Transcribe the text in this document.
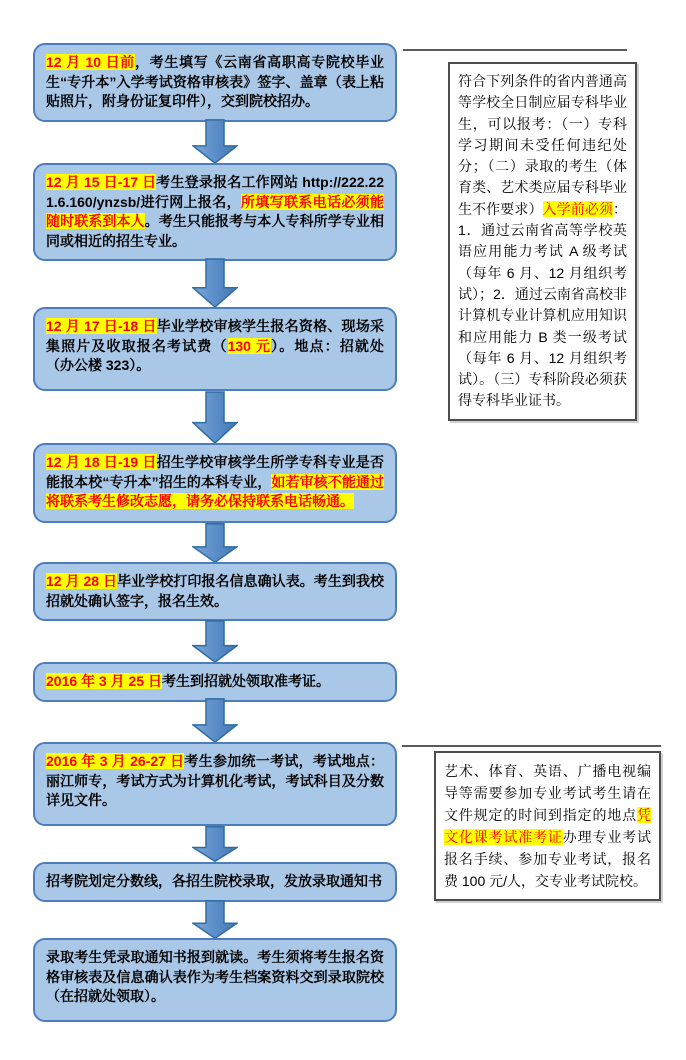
12 月 10 日前，考生填写《云南省高职高专院校毕业生“专升本”入学考试资格审核表》签字、盖章（表上粘贴照片，附身份证复印件），交到院校招办。

12 月 15 日-17 日考生登录报名工作网站 http://222.221.6.160/ynzsb/进行网上报名，所填写联系电话必须能随时联系到本人。考生只能报考与本人专科所学专业相同或相近的招生专业。

12 月 17 日-18 日毕业学校审核学生报名资格、现场采集照片及收取报名考试费（130 元）。地点：招就处（办公楼 323）。

12 月 18 日-19 日招生学校审核学生所学专科专业是否能报本校“专升本”招生的本科专业，如若审核不能通过将联系考生修改志愿，请务必保持联系电话畅通。

12 月 28 日毕业学校打印报名信息确认表。考生到我校招就处确认签字，报名生效。

2016 年 3 月 25 日考生到招就处领取准考证。

2016 年 3 月 26-27 日考生参加统一考试，考试地点：丽江师专，考试方式为计算机化考试，考试科目及分数详见文件。

招考院划定分数线，各招生院校录取，发放录取通知书

录取考生凭录取通知书报到就读。考生须将考生报名资格审核表及信息确认表作为考生档案资料交到录取院校（在招就处领取）。

符合下列条件的省内普通高等学校全日制应届专科毕业生，可以报考：（一）专科学习期间未受任何违纪处分；（二）录取的考生（体育类、艺术类应届专科毕业生不作要求）入学前必须：1．通过云南省高等学校英语应用能力考试 A 级考试（每年 6 月、12 月组织考试）；2．通过云南省高校非计算机专业计算机应用知识和应用能力 B 类一级考试（每年 6 月、12 月组织考试）。（三）专科阶段必须获得专科毕业证书。

艺术、体育、英语、广播电视编导等需要参加专业考试考生请在文件规定的时间到指定的地点凭文化课考试准考证办理专业考试报名手续、参加专业考试，报名费 100 元/人，交专业考试院校。
